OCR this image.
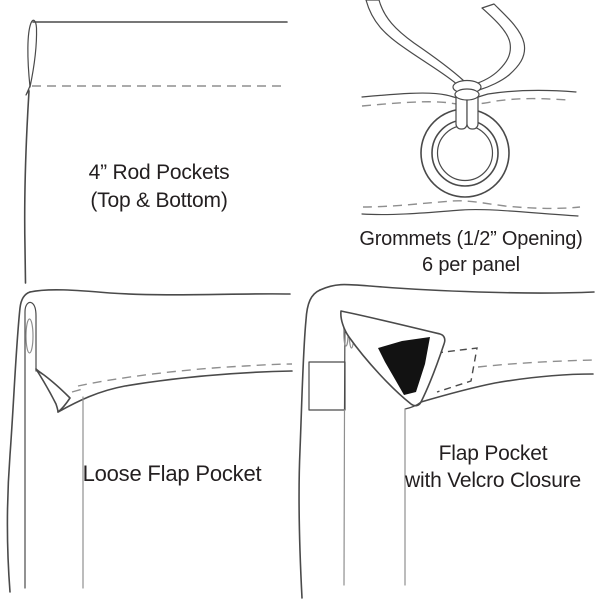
4” Rod Pockets
(Top & Bottom)
Grommets (1/2” Opening)
6 per panel
Loose Flap Pocket
Flap Pocket
with Velcro Closure
